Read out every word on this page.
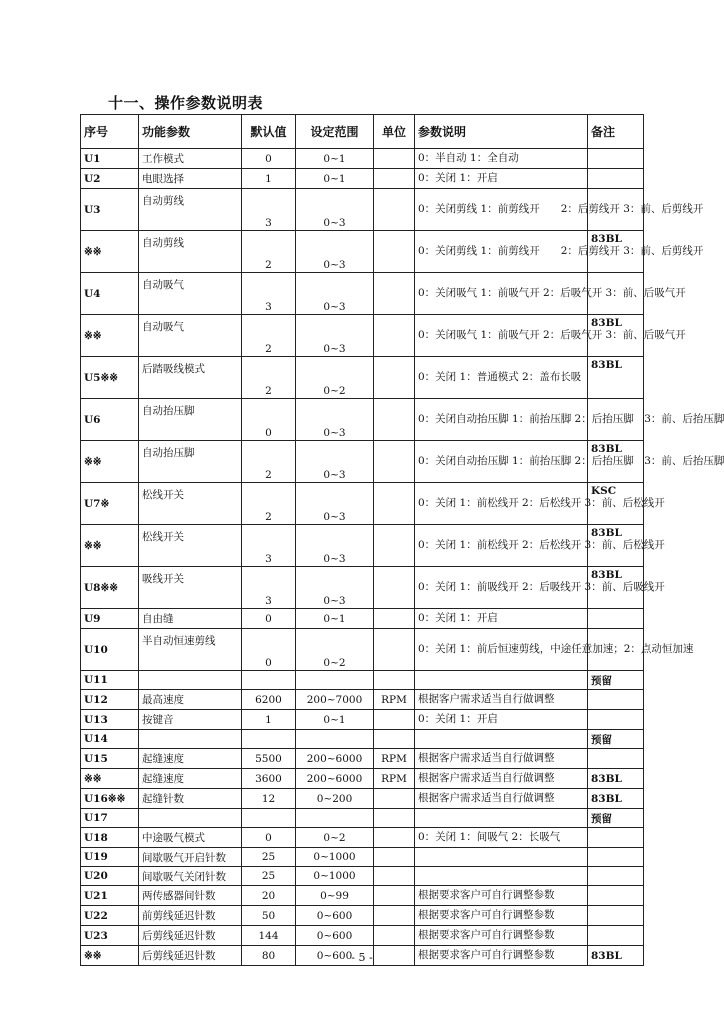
十一、操作参数说明表
序号	功能参数	默认值	设定范围	单位	参数说明	备注
U1	工作模式	0	0~1		0：半自动 1：全自动	
U2	电眼选择	1	0~1		0：关闭 1：开启	
U3	自动剪线	3	0~3		0：关闭剪线 1：前剪线开　　2：后剪线开 3：前、后剪线开	
※※	自动剪线	2	0~3		0：关闭剪线 1：前剪线开　　2：后剪线开 3：前、后剪线开	83BL
U4	自动吸气	3	0~3		0：关闭吸气 1：前吸气开 2：后吸气开 3：前、后吸气开	
※※	自动吸气	2	0~3		0：关闭吸气 1：前吸气开 2：后吸气开 3：前、后吸气开	83BL
U5※※	后踏吸线模式	2	0~2		0：关闭 1：普通模式 2：盖布长吸	83BL
U6	自动抬压脚	0	0~3		0：关闭自动抬压脚 1：前抬压脚 2：后抬压脚　3：前、后抬压脚	
※※	自动抬压脚	2	0~3		0：关闭自动抬压脚 1：前抬压脚 2：后抬压脚　3：前、后抬压脚	83BL
U7※	松线开关	2	0~3		0：关闭 1：前松线开 2：后松线开 3：前、后松线开	KSC
※※	松线开关	3	0~3		0：关闭 1：前松线开 2：后松线开 3：前、后松线开	83BL
U8※※	吸线开关	3	0~3		0：关闭 1：前吸线开 2：后吸线开 3：前、后吸线开	83BL
U9	自由缝	0	0~1		0：关闭 1：开启	
U10	半自动恒速剪线	0	0~2		0：关闭 1：前后恒速剪线，中途任意加速；2：点动恒加速	
U11						预留
U12	最高速度	6200	200~7000	RPM	根据客户需求适当自行做调整	
U13	按键音	1	0~1		0：关闭 1：开启	
U14						预留
U15	起缝速度	5500	200~6000	RPM	根据客户需求适当自行做调整	
※※	起缝速度	3600	200~6000	RPM	根据客户需求适当自行做调整	83BL
U16※※	起缝针数	12	0~200		根据客户需求适当自行做调整	83BL
U17						预留
U18	中途吸气模式	0	0~2		0：关闭 1：间吸气 2：长吸气	
U19	间歇吸气开启针数	25	0~1000			
U20	间歇吸气关闭针数	25	0~1000			
U21	两传感器间针数	20	0~99		根据要求客户可自行调整参数	
U22	前剪线延迟针数	50	0~600		根据要求客户可自行调整参数	
U23	后剪线延迟针数	144	0~600		根据要求客户可自行调整参数	
※※	后剪线延迟针数	80	0~600		根据要求客户可自行调整参数	83BL
- 5 -
